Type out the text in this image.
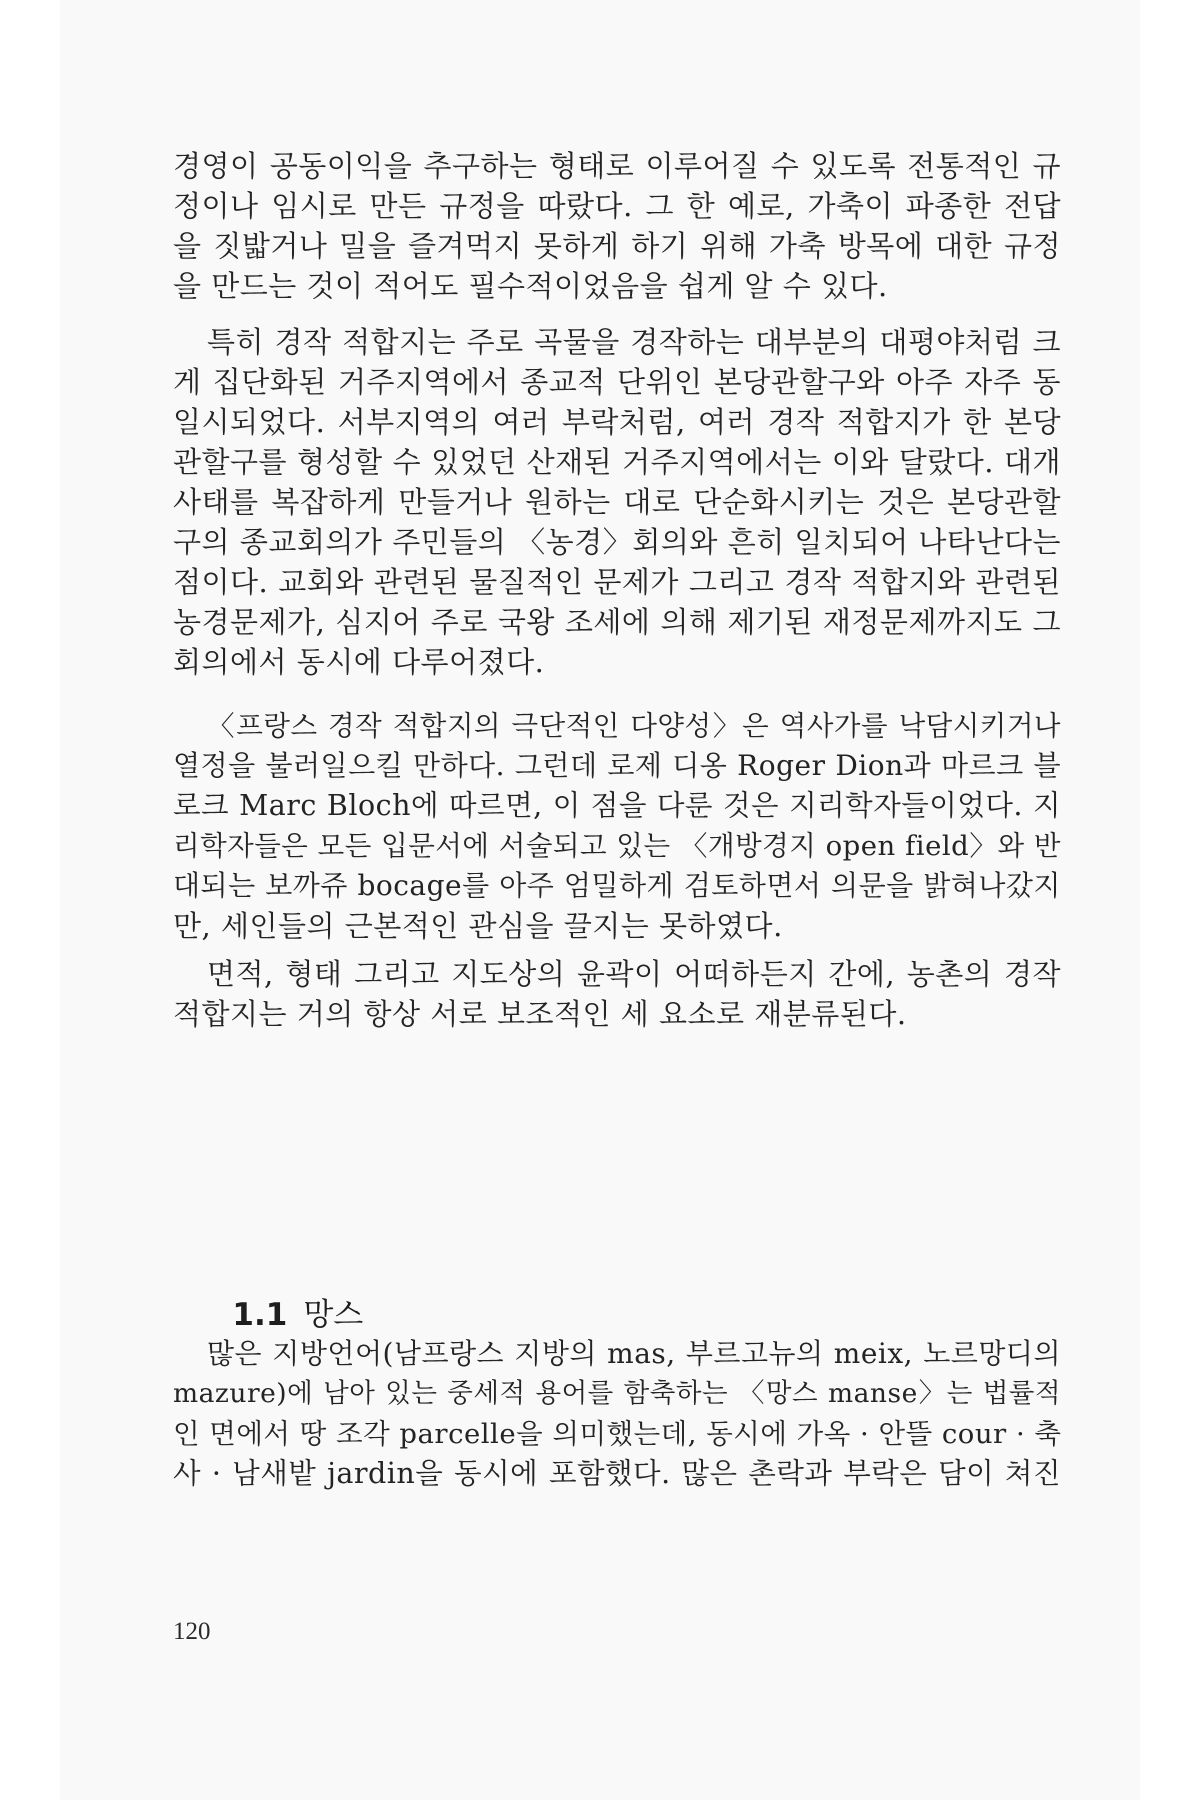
경영이 공동이익을 추구하는 형태로 이루어질 수 있도록 전통적인 규
정이나 임시로 만든 규정을 따랐다. 그 한 예로, 가축이 파종한 전답
을 짓밟거나 밀을 즐겨먹지 못하게 하기 위해 가축 방목에 대한 규정
을 만드는 것이 적어도 필수적이었음을 쉽게 알 수 있다.
특히 경작 적합지는 주로 곡물을 경작하는 대부분의 대평야처럼 크
게 집단화된 거주지역에서 종교적 단위인 본당관할구와 아주 자주 동
일시되었다. 서부지역의 여러 부락처럼, 여러 경작 적합지가 한 본당
관할구를 형성할 수 있었던 산재된 거주지역에서는 이와 달랐다. 대개
사태를 복잡하게 만들거나 원하는 대로 단순화시키는 것은 본당관할
구의 종교회의가 주민들의 〈농경〉회의와 흔히 일치되어 나타난다는
점이다. 교회와 관련된 물질적인 문제가 그리고 경작 적합지와 관련된
농경문제가, 심지어 주로 국왕 조세에 의해 제기된 재정문제까지도 그
회의에서 동시에 다루어졌다.
〈프랑스 경작 적합지의 극단적인 다양성〉은 역사가를 낙담시키거나
열정을 불러일으킬 만하다. 그런데 로제 디옹 Roger Dion과 마르크 블
로크 Marc Bloch에 따르면, 이 점을 다룬 것은 지리학자들이었다. 지
리학자들은 모든 입문서에 서술되고 있는 〈개방경지 open field〉와 반
대되는 보까쥬 bocage를 아주 엄밀하게 검토하면서 의문을 밝혀나갔지
만, 세인들의 근본적인 관심을 끌지는 못하였다.
면적, 형태 그리고 지도상의 윤곽이 어떠하든지 간에, 농촌의 경작
적합지는 거의 항상 서로 보조적인 세 요소로 재분류된다.

1.1 망스

많은 지방언어(남프랑스 지방의 mas, 부르고뉴의 meix, 노르망디의
mazure)에 남아 있는 중세적 용어를 함축하는 〈망스 manse〉는 법률적
인 면에서 땅 조각 parcelle을 의미했는데, 동시에 가옥 · 안뜰 cour · 축
사 · 남새밭 jardin을 동시에 포함했다. 많은 촌락과 부락은 담이 쳐진
120
